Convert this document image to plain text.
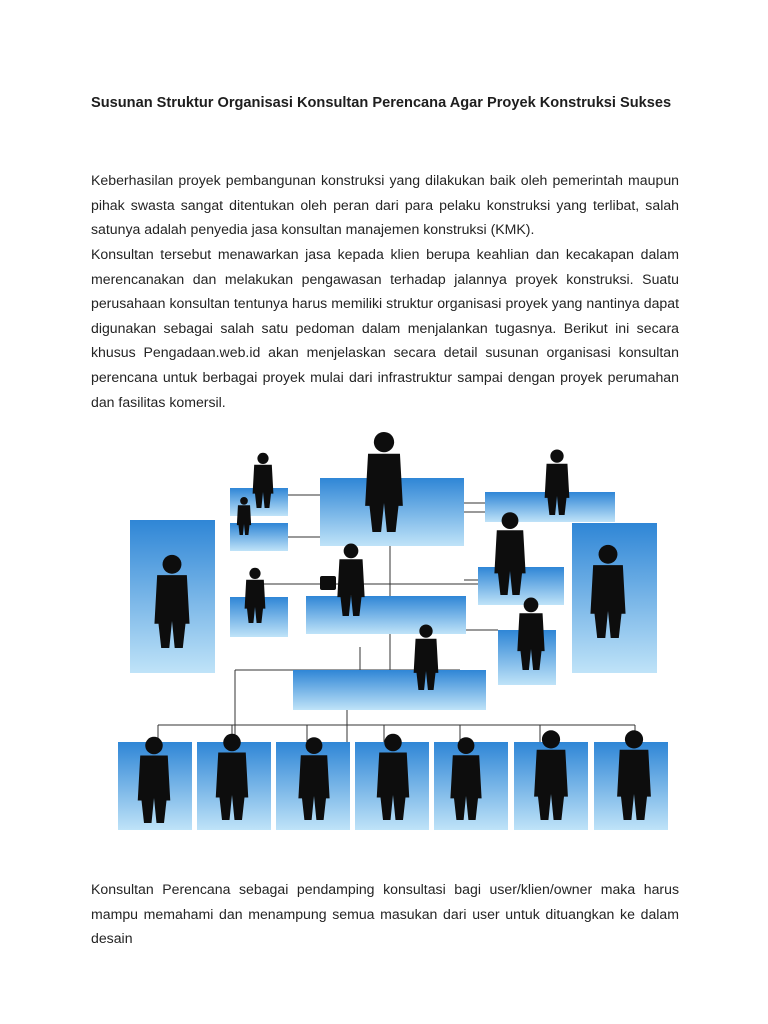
Susunan Struktur Organisasi Konsultan Perencana Agar Proyek Konstruksi Sukses

Keberhasilan proyek pembangunan konstruksi yang dilakukan baik oleh pemerintah maupun pihak swasta sangat ditentukan oleh peran dari para pelaku konstruksi yang terlibat, salah satunya adalah penyedia jasa konsultan manajemen konstruksi (KMK).

Konsultan tersebut menawarkan jasa kepada klien berupa keahlian dan kecakapan dalam merencanakan dan melakukan pengawasan terhadap jalannya proyek konstruksi. Suatu perusahaan konsultan tentunya harus memiliki struktur organisasi proyek yang nantinya dapat digunakan sebagai salah satu pedoman dalam menjalankan tugasnya. Berikut ini secara khusus Pengadaan.web.id akan menjelaskan secara detail susunan organisasi konsultan perencana untuk berbagai proyek mulai dari infrastruktur sampai dengan proyek perumahan dan fasilitas komersil.

Konsultan Perencana sebagai pendamping konsultasi bagi user/klien/owner maka harus mampu memahami dan menampung semua masukan dari user untuk dituangkan ke dalam desain
